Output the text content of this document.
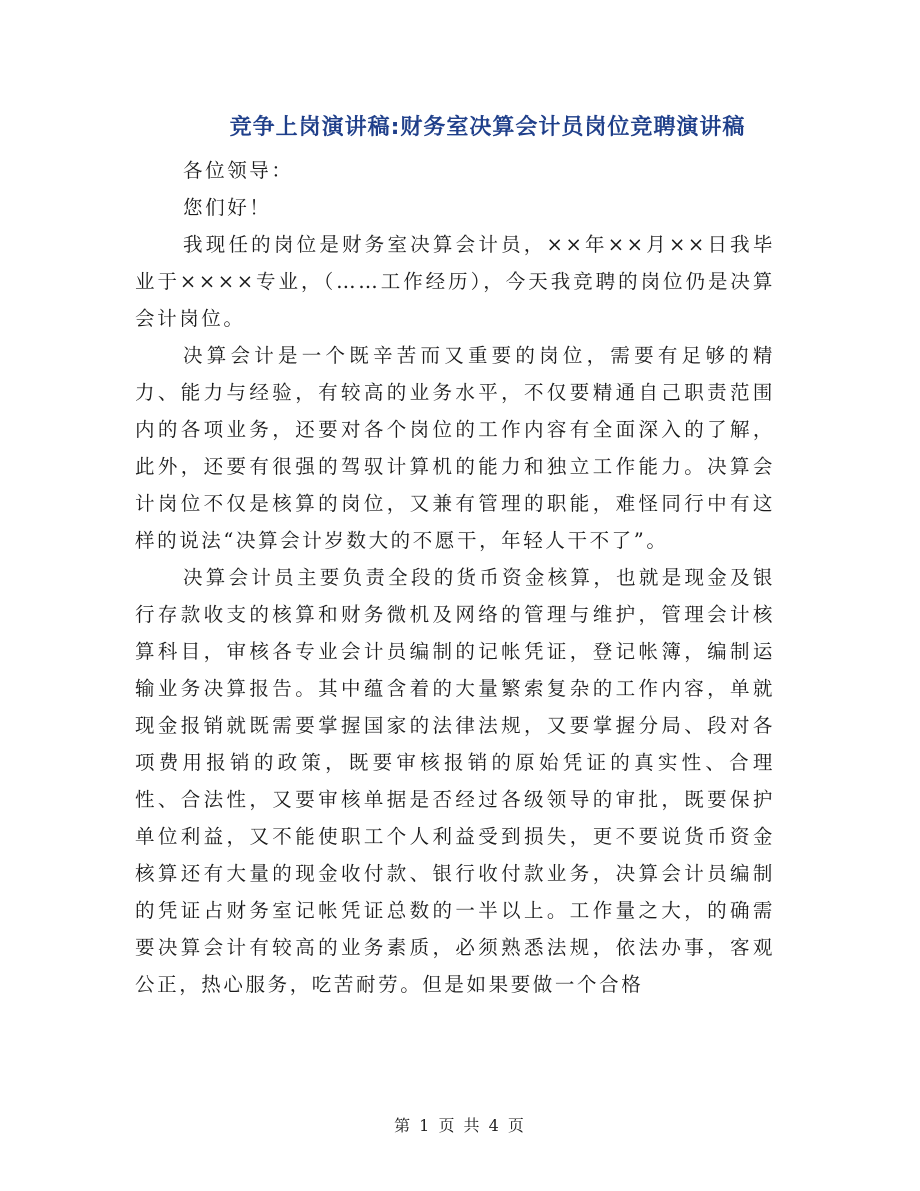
竞争上岗演讲稿:财务室决算会计员岗位竞聘演讲稿

各位领导：

您们好！

我现任的岗位是财务室决算会计员，××年××月××日我毕业于××××专业，（……工作经历），今天我竞聘的岗位仍是决算会计岗位。

决算会计是一个既辛苦而又重要的岗位，需要有足够的精力、能力与经验，有较高的业务水平，不仅要精通自己职责范围内的各项业务，还要对各个岗位的工作内容有全面深入的了解，此外，还要有很强的驾驭计算机的能力和独立工作能力。决算会计岗位不仅是核算的岗位，又兼有管理的职能，难怪同行中有这样的说法“决算会计岁数大的不愿干，年轻人干不了”。

决算会计员主要负责全段的货币资金核算，也就是现金及银行存款收支的核算和财务微机及网络的管理与维护，管理会计核算科目，审核各专业会计员编制的记帐凭证，登记帐簿，编制运输业务决算报告。其中蕴含着的大量繁索复杂的工作内容，单就现金报销就既需要掌握国家的法律法规，又要掌握分局、段对各项费用报销的政策，既要审核报销的原始凭证的真实性、合理性、合法性，又要审核单据是否经过各级领导的审批，既要保护单位利益，又不能使职工个人利益受到损失，更不要说货币资金核算还有大量的现金收付款、银行收付款业务，决算会计员编制的凭证占财务室记帐凭证总数的一半以上。工作量之大，的确需要决算会计有较高的业务素质，必须熟悉法规，依法办事，客观公正，热心服务，吃苦耐劳。但是如果要做一个合格

第 1 页 共 4 页
